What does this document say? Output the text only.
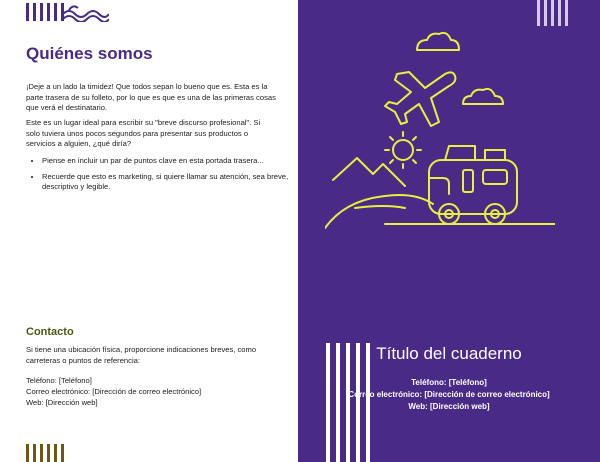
Quiénes somos

¡Deje a un lado la timidez! Que todos sepan lo bueno que es. Esta es la parte trasera de su folleto, por lo que es que es una de las primeras cosas que verá el destinatario.

Este es un lugar ideal para escribir su "breve discurso profesional". Si solo tuviera unos pocos segundos para presentar sus productos o servicios a alguien, ¿qué diría?

• Piense en incluir un par de puntos clave en esta portada trasera...
• Recuerde que esto es marketing, si quiere llamar su atención, sea breve, descriptivo y legible.
Contacto

Si tiene una ubicación física, proporcione indicaciones breves, como carreteras o puntos de referencia:

Teléfono: [Teléfono]

Correo electrónico: [Dirección de correo electrónico]

Web: [Dirección web]

Título del cuaderno
Teléfono: [Teléfono]
Correo electrónico: [Dirección de correo electrónico]
Web: [Dirección web]
